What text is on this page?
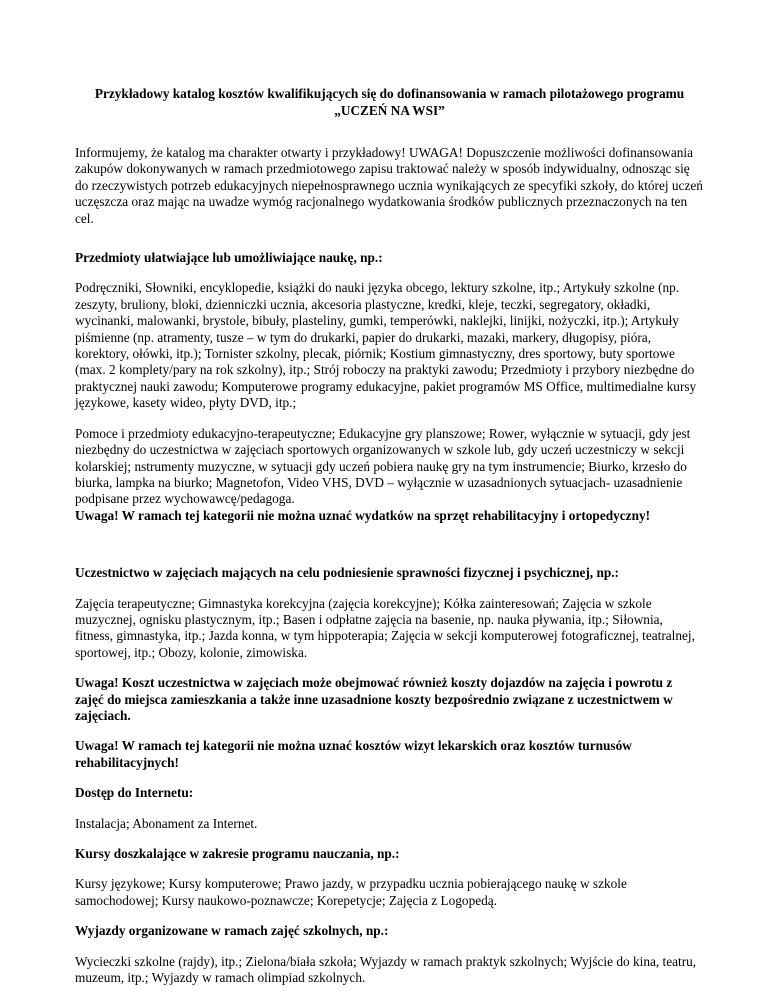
Przykładowy katalog kosztów kwalifikujących się do dofinansowania w ramach pilotażowego programu
„UCZEŃ NA WSI”

Informujemy, że katalog ma charakter otwarty i przykładowy! UWAGA! Dopuszczenie możliwości dofinansowania zakupów dokonywanych w ramach przedmiotowego zapisu traktować należy w sposób indywidualny, odnosząc się do rzeczywistych potrzeb edukacyjnych niepełnosprawnego ucznia wynikających ze specyfiki szkoły, do której uczeń uczęszcza oraz mając na uwadze wymóg racjonalnego wydatkowania środków publicznych przeznaczonych na ten cel.

Przedmioty ułatwiające lub umożliwiające naukę, np.:

Podręczniki, Słowniki, encyklopedie, książki do nauki języka obcego, lektury szkolne, itp.; Artykuły szkolne (np. zeszyty, bruliony, bloki, dzienniczki ucznia, akcesoria plastyczne, kredki, kleje, teczki, segregatory, okładki, wycinanki, malowanki, brystole, bibuły, plasteliny, gumki, temperówki, naklejki, linijki, nożyczki, itp.); Artykuły piśmienne (np. atramenty, tusze – w tym do drukarki, papier do drukarki, mazaki, markery, długopisy, pióra, korektory, ołówki, itp.); Tornister szkolny, plecak, piórnik; Kostium gimnastyczny, dres sportowy, buty sportowe (max. 2 komplety/pary na rok szkolny), itp.; Strój roboczy na praktyki zawodu; Przedmioty i przybory niezbędne do praktycznej nauki zawodu; Komputerowe programy edukacyjne, pakiet programów MS Office, multimedialne kursy językowe, kasety wideo, płyty DVD, itp.;

Pomoce i przedmioty edukacyjno-terapeutyczne; Edukacyjne gry planszowe; Rower, wyłącznie w sytuacji, gdy jest niezbędny do uczestnictwa w zajęciach sportowych organizowanych w szkole lub, gdy uczeń uczestniczy w sekcji kolarskiej; nstrumenty muzyczne, w sytuacji gdy uczeń pobiera naukę gry na tym instrumencie; Biurko, krzesło do biurka, lampka na biurko; Magnetofon, Video VHS, DVD – wyłącznie w uzasadnionych sytuacjach- uzasadnienie podpisane przez wychowawcę/pedagoga.

Uwaga! W ramach tej kategorii nie można uznać wydatków na sprzęt rehabilitacyjny i ortopedyczny!

Uczestnictwo w zajęciach mających na celu podniesienie sprawności fizycznej i psychicznej, np.:

Zajęcia terapeutyczne; Gimnastyka korekcyjna (zajęcia korekcyjne); Kółka zainteresowań; Zajęcia w szkole muzycznej, ognisku plastycznym, itp.; Basen i odpłatne zajęcia na basenie, np. nauka pływania, itp.; Siłownia, fitness, gimnastyka, itp.; Jazda konna, w tym hippoterapia; Zajęcia w sekcji komputerowej fotograficznej, teatralnej, sportowej, itp.; Obozy, kolonie, zimowiska.

Uwaga! Koszt uczestnictwa w zajęciach może obejmować również koszty dojazdów na zajęcia i powrotu z zajęć do miejsca zamieszkania a także inne uzasadnione koszty bezpośrednio związane z uczestnictwem w zajęciach.

Uwaga! W ramach tej kategorii nie można uznać kosztów wizyt lekarskich oraz kosztów turnusów rehabilitacyjnych!

Dostęp do Internetu:

Instalacja; Abonament za Internet.

Kursy doszkalające w zakresie programu nauczania, np.:

Kursy językowe; Kursy komputerowe; Prawo jazdy, w przypadku ucznia pobierającego naukę w szkole samochodowej; Kursy naukowo-poznawcze; Korepetycje; Zajęcia z Logopedą.

Wyjazdy organizowane w ramach zajęć szkolnych, np.:

Wycieczki szkolne (rajdy), itp.; Zielona/biała szkoła; Wyjazdy w ramach praktyk szkolnych; Wyjście do kina, teatru, muzeum, itp.; Wyjazdy w ramach olimpiad szkolnych.
